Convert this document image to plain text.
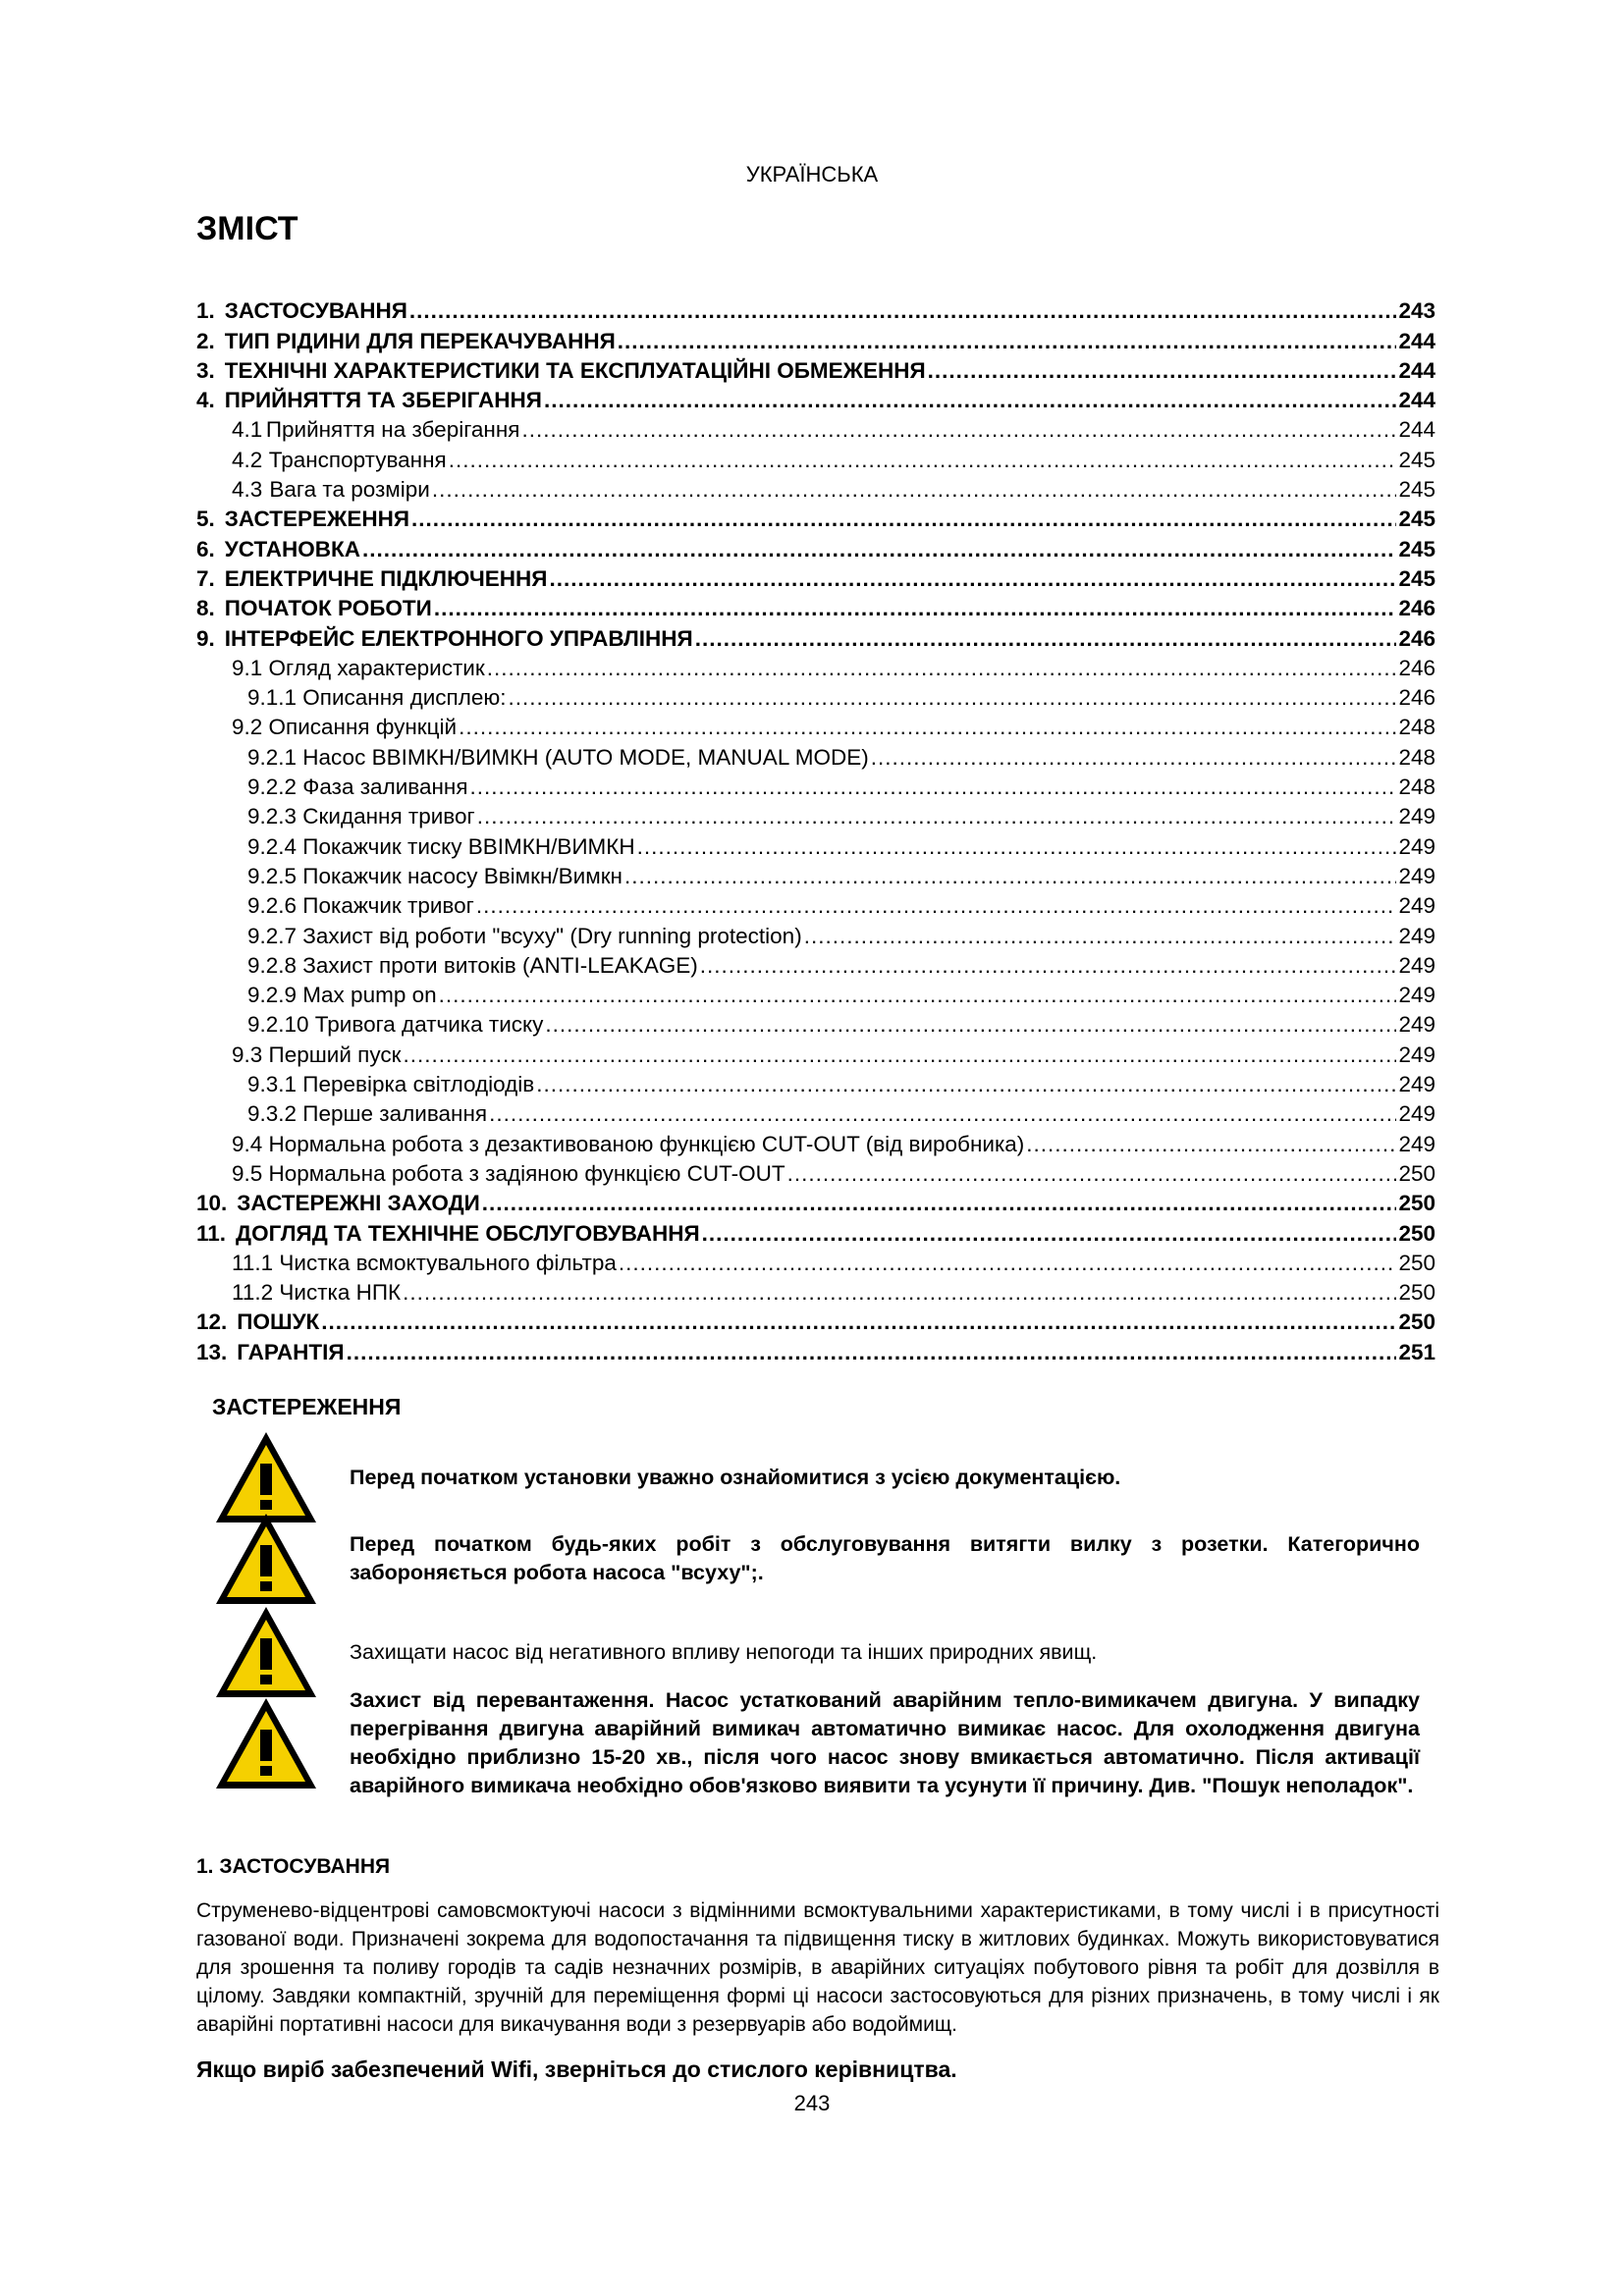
УКРАЇНСЬКА
ЗМІСТ
1. ЗАСТОСУВАННЯ .....	243
2. ТИП РІДИНИ ДЛЯ ПЕРЕКАЧУВАННЯ .....	244
3. ТЕХНІЧНІ ХАРАКТЕРИСТИКИ ТА ЕКСПЛУАТАЦІЙНІ ОБМЕЖЕННЯ .....	244
4. ПРИЙНЯТТЯ ТА ЗБЕРІГАННЯ .....	244
4.1 Прийняття на зберігання .....	244
4.2 Транспортування .....	245
4.3 Вага та розміри .....	245
5. ЗАСТЕРЕЖЕННЯ .....	245
6. УСТАНОВКА .....	245
7. ЕЛЕКТРИЧНЕ ПІДКЛЮЧЕННЯ .....	245
8. ПОЧАТОК РОБОТИ .....	246
9. ІНТЕРФЕЙС ЕЛЕКТРОННОГО УПРАВЛІННЯ .....	246
9.1 Огляд характеристик .....	246
9.1.1 Описання дисплею: .....	246
9.2 Описання функцій .....	248
9.2.1 Насос ВВІМКН/ВИМКН (AUTO MODE, MANUAL MODE) .....	248
9.2.2 Фаза заливання .....	248
9.2.3 Скидання тривог .....	249
9.2.4 Покажчик тиску ВВІМКН/ВИМКН .....	249
9.2.5 Покажчик насосу Ввімкн/Вимкн .....	249
9.2.6 Покажчик тривог .....	249
9.2.7 Захист від роботи "всуху" (Dry running protection) .....	249
9.2.8 Захист проти витоків (ANTI-LEAKAGE) .....	249
9.2.9 Max pump on .....	249
9.2.10 Тривога датчика тиску .....	249
9.3 Перший пуск .....	249
9.3.1 Перевірка світлодіодів .....	249
9.3.2 Перше заливання .....	249
9.4 Нормальна робота з дезактивованою функцією CUT-OUT (від виробника) .....	249
9.5 Нормальна робота з задіяною функцією CUT-OUT .....	250
10. ЗАСТЕРЕЖНІ ЗАХОДИ .....	250
11. ДОГЛЯД ТА ТЕХНІЧНЕ ОБСЛУГОВУВАННЯ .....	250
11.1 Чистка всмоктувального фільтра .....	250
11.2 Чистка НПК .....	250
12. ПОШУК .....	250
13. ГАРАНТІЯ .....	251
ЗАСТЕРЕЖЕННЯ
Перед початком установки уважно ознайомитися з усією документацією.
Перед початком будь-яких робіт з обслуговування витягти вилку з розетки. Категорично забороняється робота насоса "всуху";.
Захищати насос від негативного впливу непогоди та інших природних явищ.
Захист від перевантаження. Насос устаткований аварійним тепло-вимикачем двигуна. У випадку перегрівання двигуна аварійний вимикач автоматично вимикає насос. Для охолодження двигуна необхідно приблизно 15-20 хв., після чого насос знову вмикається автоматично. Після активації аварійного вимикача необхідно обов'язково виявити та усунути її причину. Див. "Пошук неполадок".
1. ЗАСТОСУВАННЯ

Струменево-відцентрові самовсмоктуючі насоси з відмінними всмоктувальними характеристиками, в тому числі і в присутності газованої води. Призначені зокрема для водопостачання та підвищення тиску в житлових будинках. Можуть використовуватися для зрошення та поливу городів та садів незначних розмірів, в аварійних ситуаціях побутового рівня та робіт для дозвілля в цілому. Завдяки компактній, зручній для переміщення формі ці насоси застосовуються для різних призначень, в тому числі і як аварійні портативні насоси для викачування води з резервуарів або водоймищ.

Якщо виріб забезпечений Wifi, зверніться до стислого керівництва.

243
